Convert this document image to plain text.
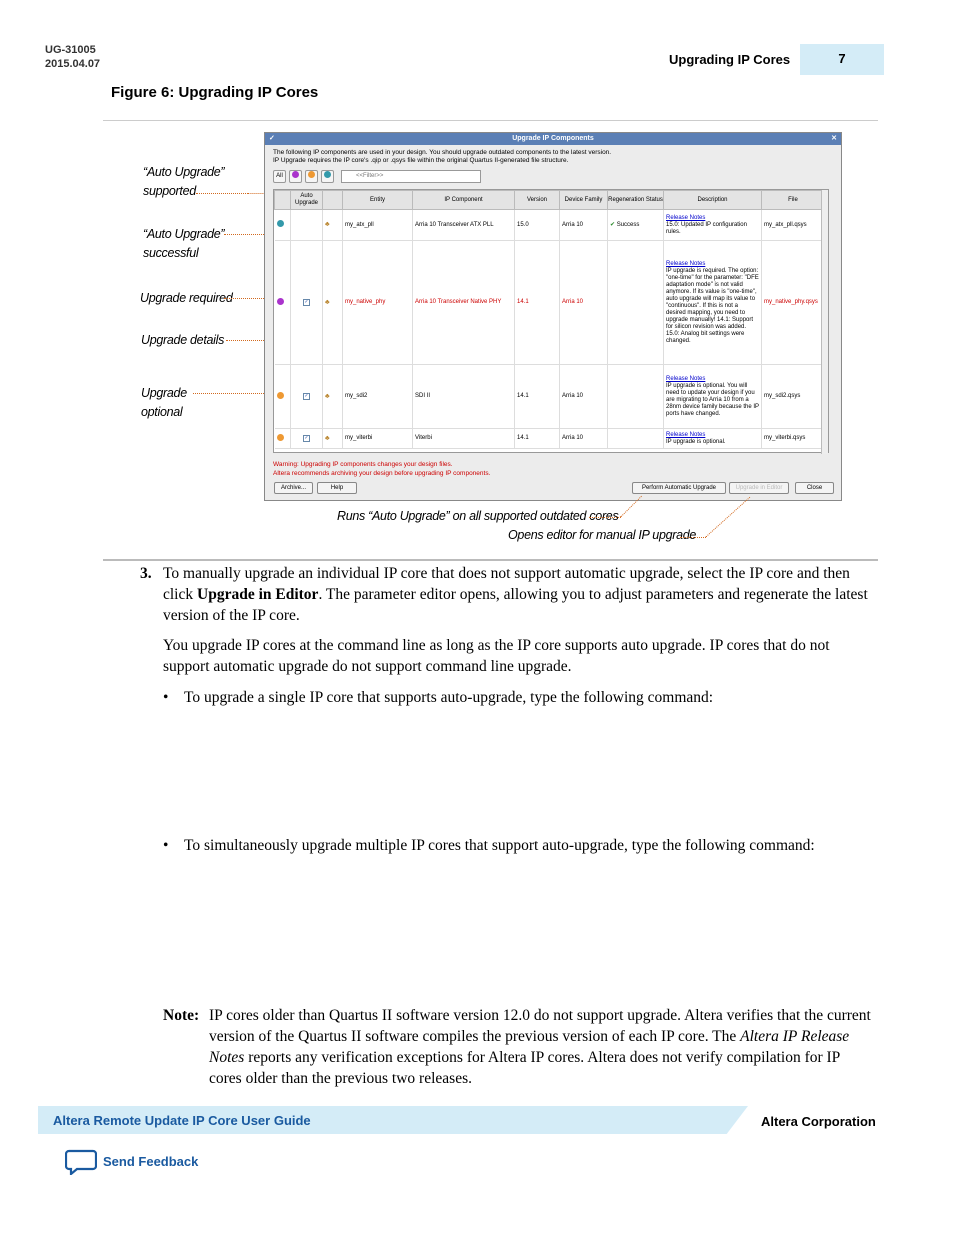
UG-31005
2015.04.07	Upgrading IP Cores	7
Figure 6: Upgrading IP Cores
“Auto Upgrade”
supported
“Auto Upgrade”
successful
Upgrade required
Upgrade details
Upgrade
optional
✓	Upgrade IP Components	✕
The following IP components are used in your design. You should upgrade outdated components to the latest version.
IP Upgrade requires the IP core's .qip or .qsys file within the original Quartus II-generated file structure.
All	<<Filter>>
	Auto Upgrade		Entity	IP Component	Version	Device Family	Regeneration Status	Description	File
		♣	my_atx_pll	Arria 10 Transceiver ATX PLL	15.0	Arria 10	✔ Success	Release Notes
15.0: Updated IP configuration rules.	my_atx_pll.qsys
	✓	♣	my_native_phy	Arria 10 Transceiver Native PHY	14.1	Arria 10		Release Notes
IP upgrade is required. The option: "one-time" for the parameter: "DFE adaptation mode" is not valid anymore. If its value is "one-time", auto upgrade will map its value to "continuous". If this is not a desired mapping, you need to upgrade manually! 14.1: Support for silicon revision was added. 15.0: Analog bit settings were changed.	my_native_phy.qsys
	✓	♣	my_sdi2	SDI II	14.1	Arria 10		Release Notes
IP upgrade is optional. You will need to update your design if you are migrating to Arria 10 from a 28nm device family because the IP ports have changed.	my_sdi2.qsys
	✓	♣	my_viterbi	Viterbi	14.1	Arria 10		Release Notes
IP upgrade is optional.	my_viterbi.qsys
Warning: Upgrading IP components changes your design files.
Altera recommends archiving your design before upgrading IP components.
Archive...	Help	Perform Automatic Upgrade	Upgrade in Editor	Close
Runs “Auto Upgrade” on all supported outdated cores
Opens editor for manual IP upgrade
3. To manually upgrade an individual IP core that does not support automatic upgrade, select the IP core and then click Upgrade in Editor. The parameter editor opens, allowing you to adjust parameters and regenerate the latest version of the IP core.
You upgrade IP cores at the command line as long as the IP core supports auto upgrade. IP cores that do not support automatic upgrade do not support command line upgrade.
• To upgrade a single IP core that supports auto-upgrade, type the following command:
• To simultaneously upgrade multiple IP cores that support auto-upgrade, type the following command:
Note: IP cores older than Quartus II software version 12.0 do not support upgrade. Altera verifies that the current version of the Quartus II software compiles the previous version of each IP core. The Altera IP Release Notes reports any verification exceptions for Altera IP cores. Altera does not verify compilation for IP cores older than the previous two releases.
Altera Remote Update IP Core User Guide	Altera Corporation
Send Feedback
